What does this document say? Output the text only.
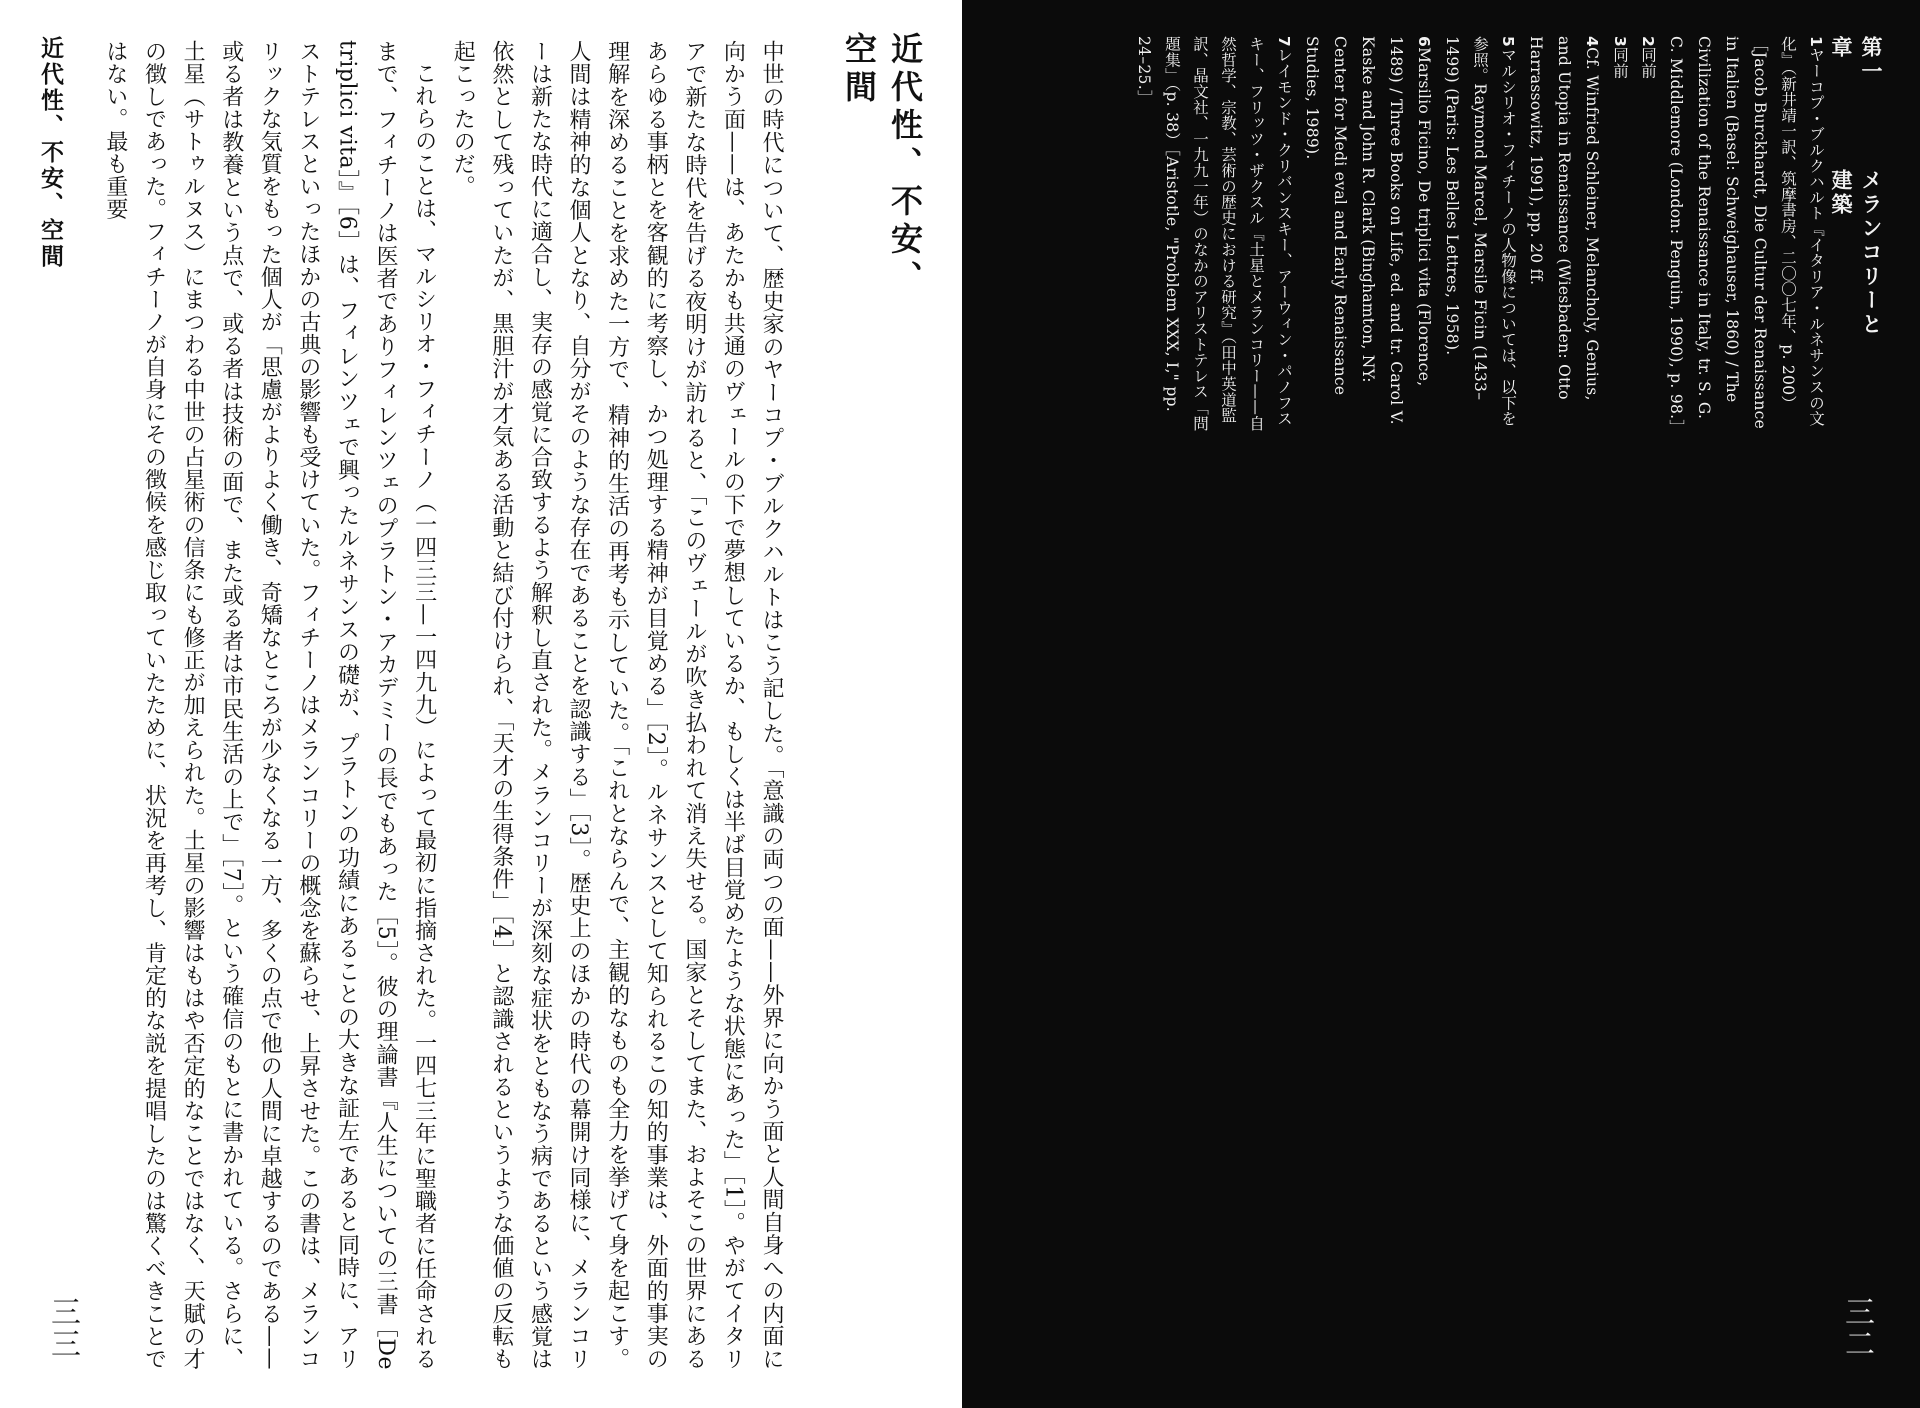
近代性、不安、空間	近代性、不安、空間

中世の時代について、歴史家のヤーコプ・ブルクハルトはこう記した。「意識の両つの面——外界に向かう面と人間自身への内面に向かう面——は、あたかも共通のヴェールの下で夢想しているか、もしくは半ば目覚めたような状態にあった」［1］。やがてイタリアで新たな時代を告げる夜明けが訪れると、「このヴェールが吹き払われて消え失せる。国家とそしてまた、およそこの世界にあるあらゆる事柄とを客観的に考察し、かつ処理する精神が目覚める」［2］。ルネサンスとして知られるこの知的事業は、外面的事実の理解を深めることを求めた一方で、精神的生活の再考も示していた。「これとならんで、主観的なものも全力を挙げて身を起こす。人間は精神的な個人となり、自分がそのような存在であることを認識する」［3］。歴史上のほかの時代の幕開け同様に、メランコリーは新たな時代に適合し、実存の感覚に合致するよう解釈し直された。メランコリーが深刻な症状をともなう病であるという感覚は依然として残っていたが、黒胆汁が才気ある活動と結び付けられ、「天才の生得条件」［4］と認識されるというような価値の反転も起こったのだ。

これらのことは、マルシリオ・フィチーノ（一四三三—一四九九）によって最初に指摘された。一四七三年に聖職者に任命されるまで、フィチーノは医者でありフィレンツェのプラトン・アカデミーの長でもあった［5］。彼の理論書『人生についての三書［De triplici vita］』［6］は、フィレンツェで興ったルネサンスの礎が、プラトンの功績にあることの大きな証左であると同時に、アリストテレスといったほかの古典の影響も受けていた。フィチーノはメランコリーの概念を蘇らせ、上昇させた。この書は、メランコリックな気質をもった個人が「思慮がよりよく働き、奇矯なところが少なくなる一方、多くの点で他の人間に卓越するのである——或る者は教養という点で、或る者は技術の面で、また或る者は市民生活の上で」［7］。という確信のもとに書かれている。さらに、土星（サトゥルヌス）にまつわる中世の占星術の信条にも修正が加えられた。土星の影響はもはや否定的なことではなく、天賦の才の徴しであった。フィチーノが自身にその徴候を感じ取っていたために、状況を再考し、肯定的な説を提唱したのは驚くべきことではない。最も重要

三三
第一章
メランコリーと建築

1ヤーコプ・ブルクハルト『イタリア・ルネサンスの文化』（新井靖一訳、筑摩書房、二〇〇七年、p. 200）［Jacob Burckhardt, Die Cultur der Renaissance in Italien (Basel: Schweighauser, 1860) / The Civilization of the Renaissance in Italy, tr. S. G. C. Middlemore (London: Penguin, 1990), p. 98.］

2同前

3同前

4Cf. Winfried Schleiner, Melancholy, Genius, and Utopia in Renaissance (Wiesbaden: Otto Harrassowitz, 1991), pp. 20 ff.

5マルシリオ・フィチーノの人物像については、以下を参照。Raymond Marcel, Marsile Ficin (1433–1499) (Paris: Les Belles Lettres, 1958).

6Marsilio Ficino, De triplici vita (Florence, 1489) / Three Books on Life, ed. and tr. Carol V. Kaske and John R. Clark (Binghamton, NY: Center for Medi eval and Early Renaissance Studies, 1989).

7レイモンド・クリバンスキー、アーウィン・パノフスキー、フリッツ・ザクスル『土星とメランコリー——自然哲学、宗教、芸術の歴史における研究』（田中英道監訳、晶文社、一九九一年）のなかのアリストテレス「問題集」（p. 38）［Aristotle, "Problem XXX, I," pp. 24–25.］

三二
